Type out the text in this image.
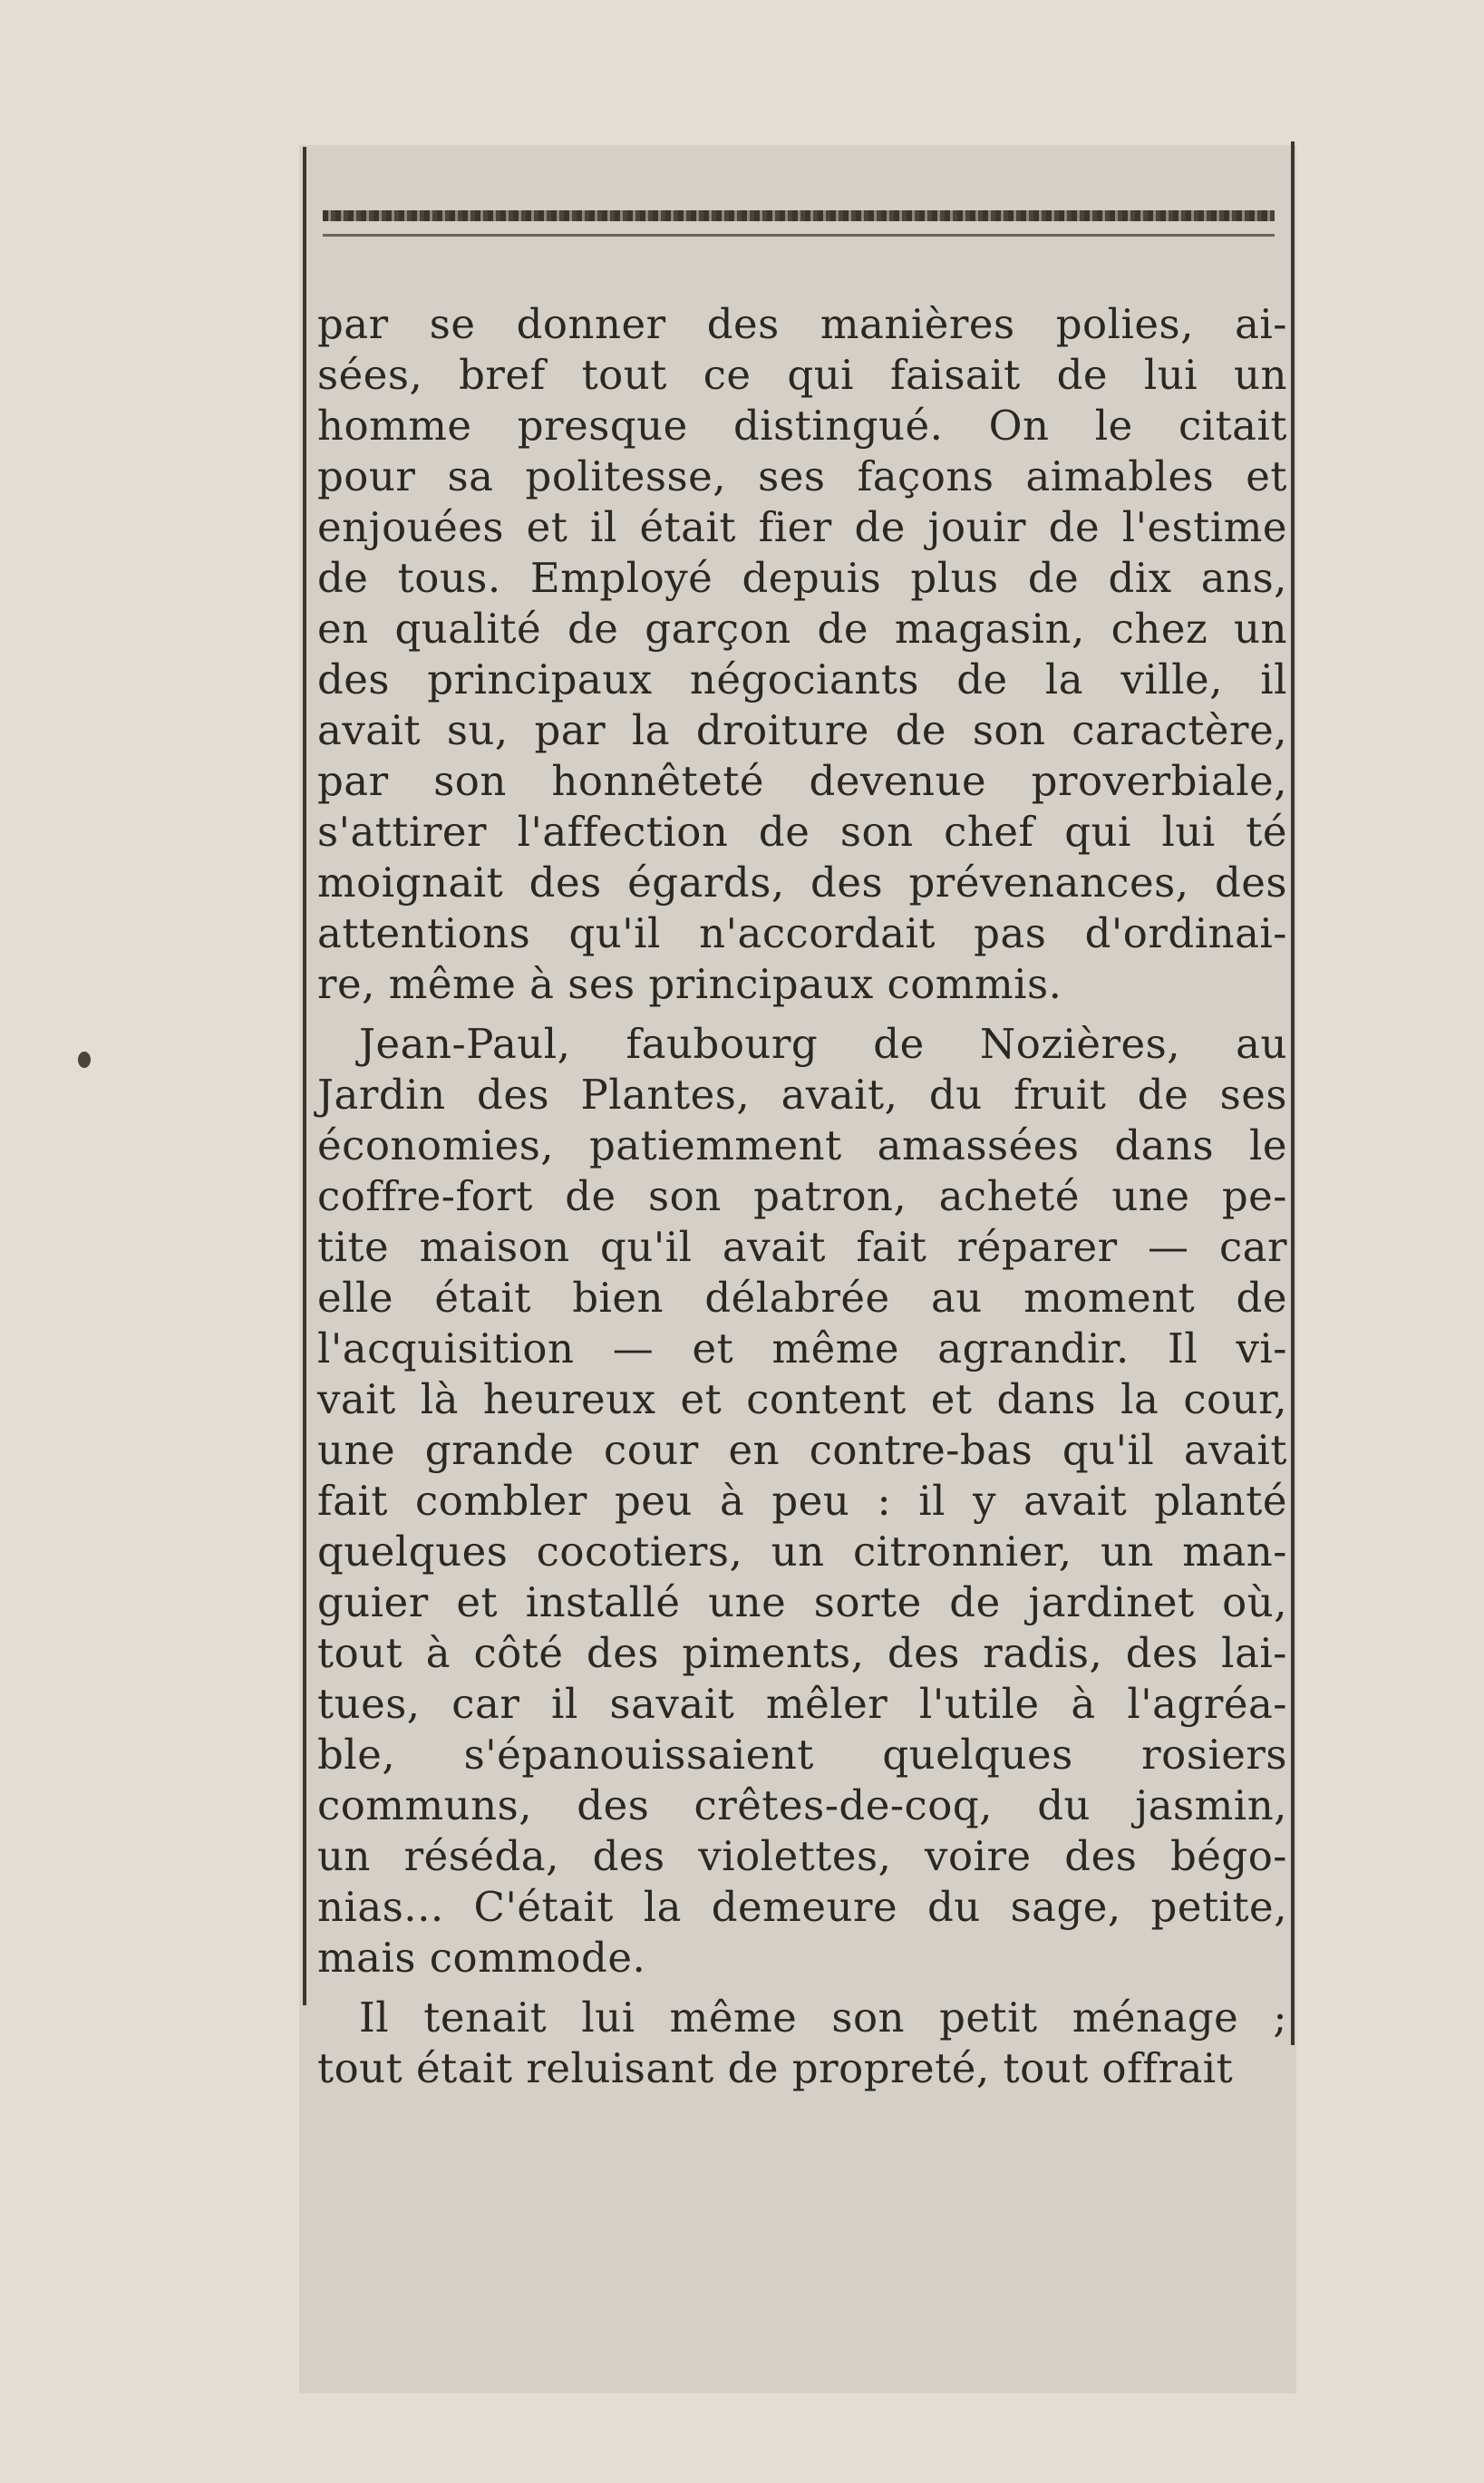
par se donner des manières polies, ai-
sées, bref tout ce qui faisait de lui un
homme presque distingué. On le citait
pour sa politesse, ses façons aimables et
enjouées et il était fier de jouir de l'estime
de tous. Employé depuis plus de dix ans,
en qualité de garçon de magasin, chez un
des principaux négociants de la ville, il
avait su, par la droiture de son caractère,
par son honnêteté devenue proverbiale,
s'attirer l'affection de son chef qui lui té
moignait des égards, des prévenances, des
attentions qu'il n'accordait pas d'ordinai-
re, même à ses principaux commis.
Jean-Paul, faubourg de Nozières, au
Jardin des Plantes, avait, du fruit de ses
économies, patiemment amassées dans le
coffre-fort de son patron, acheté une pe-
tite maison qu'il avait fait réparer — car
elle était bien délabrée au moment de
l'acquisition — et même agrandir. Il vi-
vait là heureux et content et dans la cour,
une grande cour en contre-bas qu'il avait
fait combler peu à peu : il y avait planté
quelques cocotiers, un citronnier, un man-
guier et installé une sorte de jardinet où,
tout à côté des piments, des radis, des lai-
tues, car il savait mêler l'utile à l'agréa-
ble, s'épanouissaient quelques rosiers
communs, des crêtes-de-coq, du jasmin,
un réséda, des violettes, voire des bégo-
nias... C'était la demeure du sage, petite,
mais commode.
Il tenait lui même son petit ménage ;
tout était reluisant de propreté, tout offrait
